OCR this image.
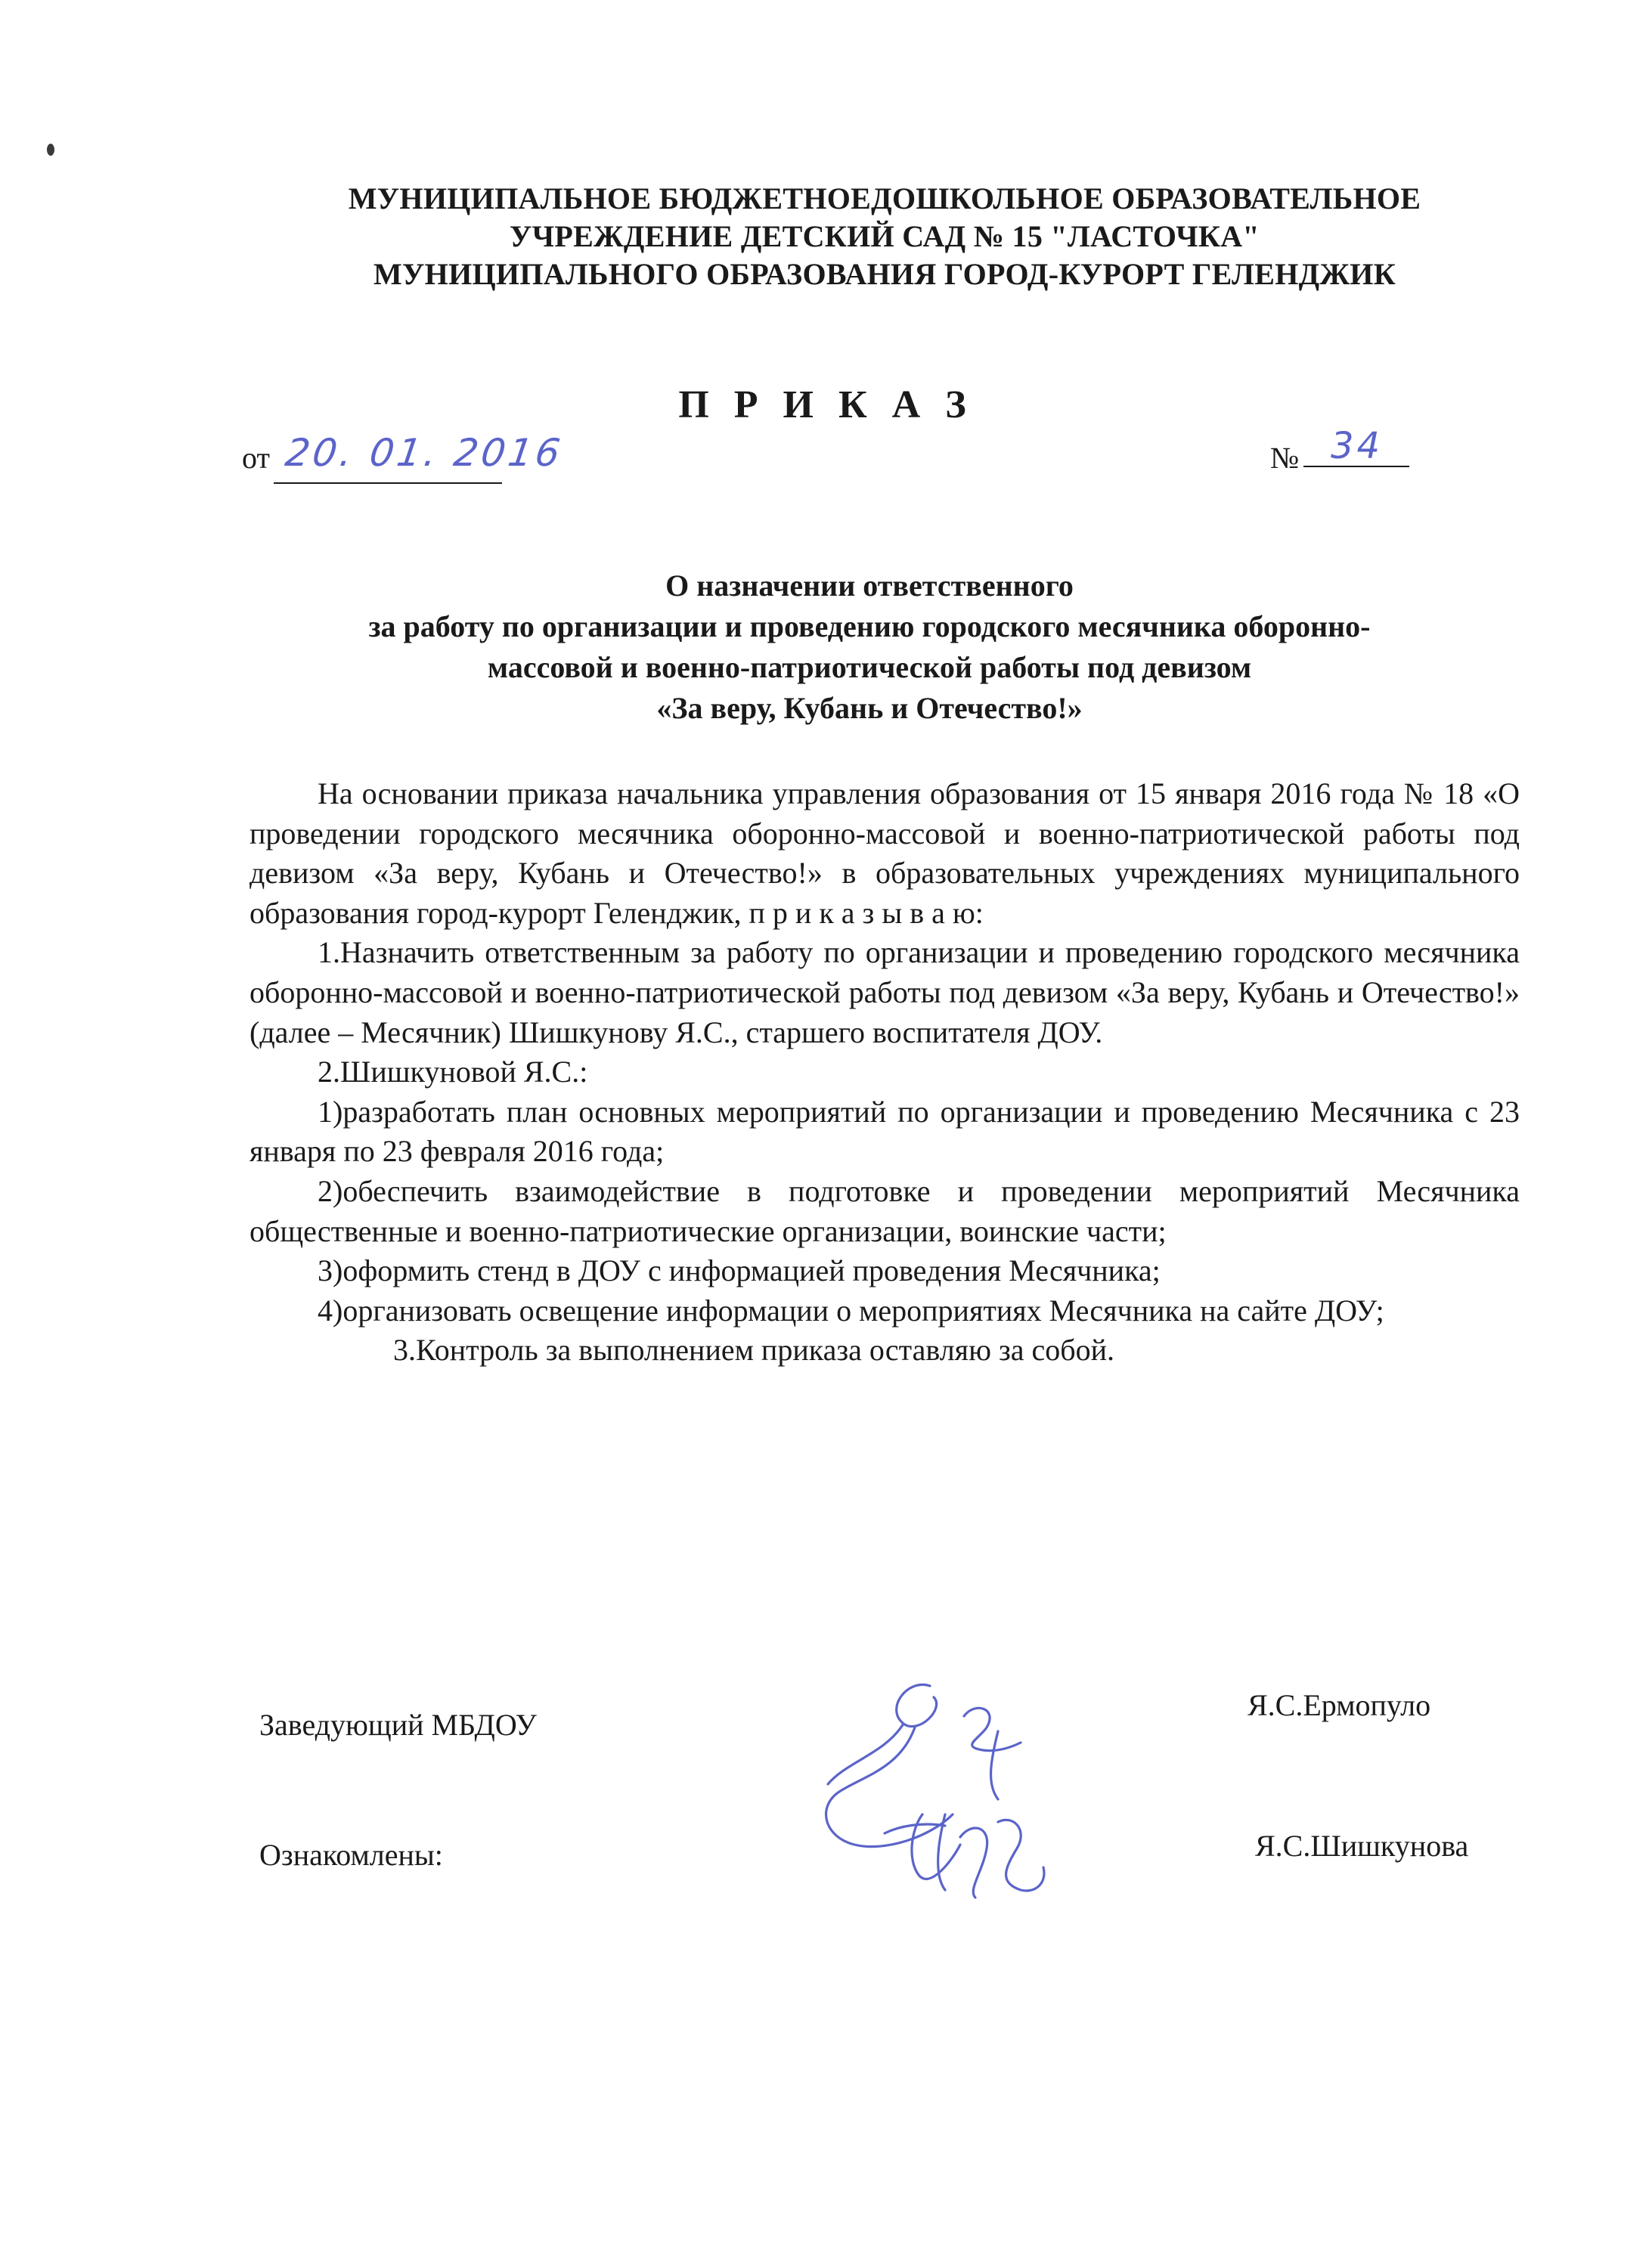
МУНИЦИПАЛЬНОЕ БЮДЖЕТНОЕДОШКОЛЬНОЕ ОБРАЗОВАТЕЛЬНОЕ
УЧРЕЖДЕНИЕ ДЕТСКИЙ САД № 15 "ЛАСТОЧКА"
МУНИЦИПАЛЬНОГО ОБРАЗОВАНИЯ ГОРОД-КУРОРТ ГЕЛЕНДЖИК
П Р И К А З
от 20. 01. 2016	№ 34
О назначении ответственного
за работу по организации и проведению городского месячника оборонно-
массовой и военно-патриотической работы под девизом
«За веру, Кубань и Отечество!»

На основании приказа начальника управления образования от 15 января 2016 года № 18 «О проведении городского месячника оборонно-массовой и военно-патриотической работы под девизом «За веру, Кубань и Отечество!» в образовательных учреждениях муниципального образования город-курорт Геленджик, п р и к а з ы в а ю:

1.Назначить ответственным за работу по организации и проведению городского месячника оборонно-массовой и военно-патриотической работы под девизом «За веру, Кубань и Отечество!» (далее – Месячник) Шишкунову Я.С., старшего воспитателя ДОУ.

2.Шишкуновой Я.С.:

1)разработать план основных мероприятий по организации и проведению Месячника с 23 января по 23 февраля 2016 года;

2)обеспечить взаимодействие в подготовке и проведении мероприятий Месячника общественные и военно-патриотические организации, воинские части;

3)оформить стенд в ДОУ с информацией проведения Месячника;

4)организовать освещение информации о мероприятиях Месячника на сайте ДОУ;

3.Контроль за выполнением приказа оставляю за собой.

Заведующий МБДОУ
Я.С.Ермопуло
Ознакомлены:	Я.С.Шишкунова
